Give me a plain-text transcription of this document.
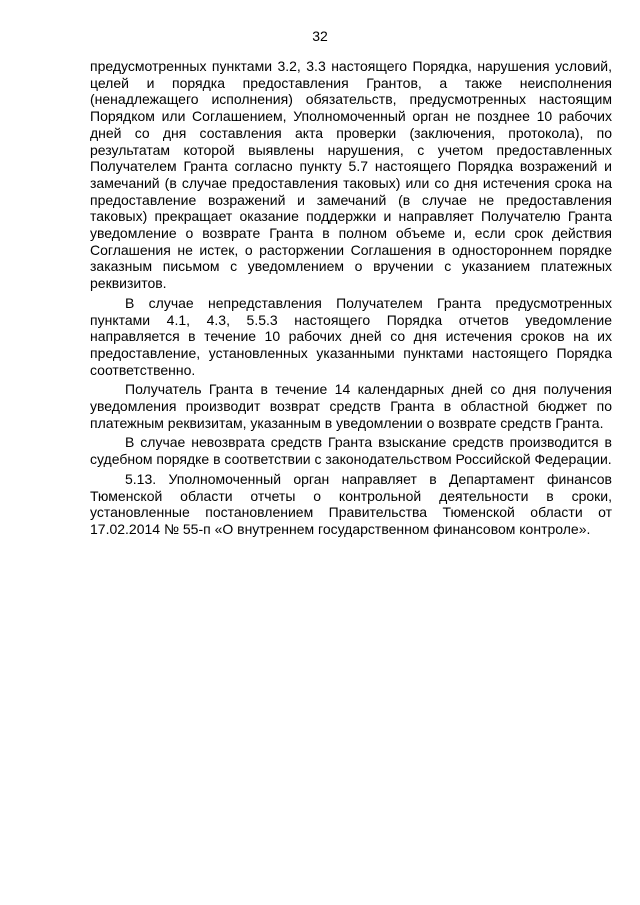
32

предусмотренных пунктами 3.2, 3.3 настоящего Порядка, нарушения условий, целей и порядка предоставления Грантов, а также неисполнения (ненадлежащего исполнения) обязательств, предусмотренных настоящим Порядком или Соглашением, Уполномоченный орган не позднее 10 рабочих дней со дня составления акта проверки (заключения, протокола), по результатам которой выявлены нарушения, с учетом предоставленных Получателем Гранта согласно пункту 5.7 настоящего Порядка возражений и замечаний (в случае предоставления таковых) или со дня истечения срока на предоставление возражений и замечаний (в случае не предоставления таковых) прекращает оказание поддержки и направляет Получателю Гранта уведомление о возврате Гранта в полном объеме и, если срок действия Соглашения не истек, о расторжении Соглашения в одностороннем порядке заказным письмом с уведомлением о вручении с указанием платежных реквизитов.

В случае непредставления Получателем Гранта предусмотренных пунктами 4.1, 4.3, 5.5.3 настоящего Порядка отчетов уведомление направляется в течение 10 рабочих дней со дня истечения сроков на их предоставление, установленных указанными пунктами настоящего Порядка соответственно.

Получатель Гранта в течение 14 календарных дней со дня получения уведомления производит возврат средств Гранта в областной бюджет по платежным реквизитам, указанным в уведомлении о возврате средств Гранта.

В случае невозврата средств Гранта взыскание средств производится в судебном порядке в соответствии с законодательством Российской Федерации.

5.13. Уполномоченный орган направляет в Департамент финансов Тюменской области отчеты о контрольной деятельности в сроки, установленные постановлением Правительства Тюменской области от 17.02.2014 № 55-п «О внутреннем государственном финансовом контроле».
